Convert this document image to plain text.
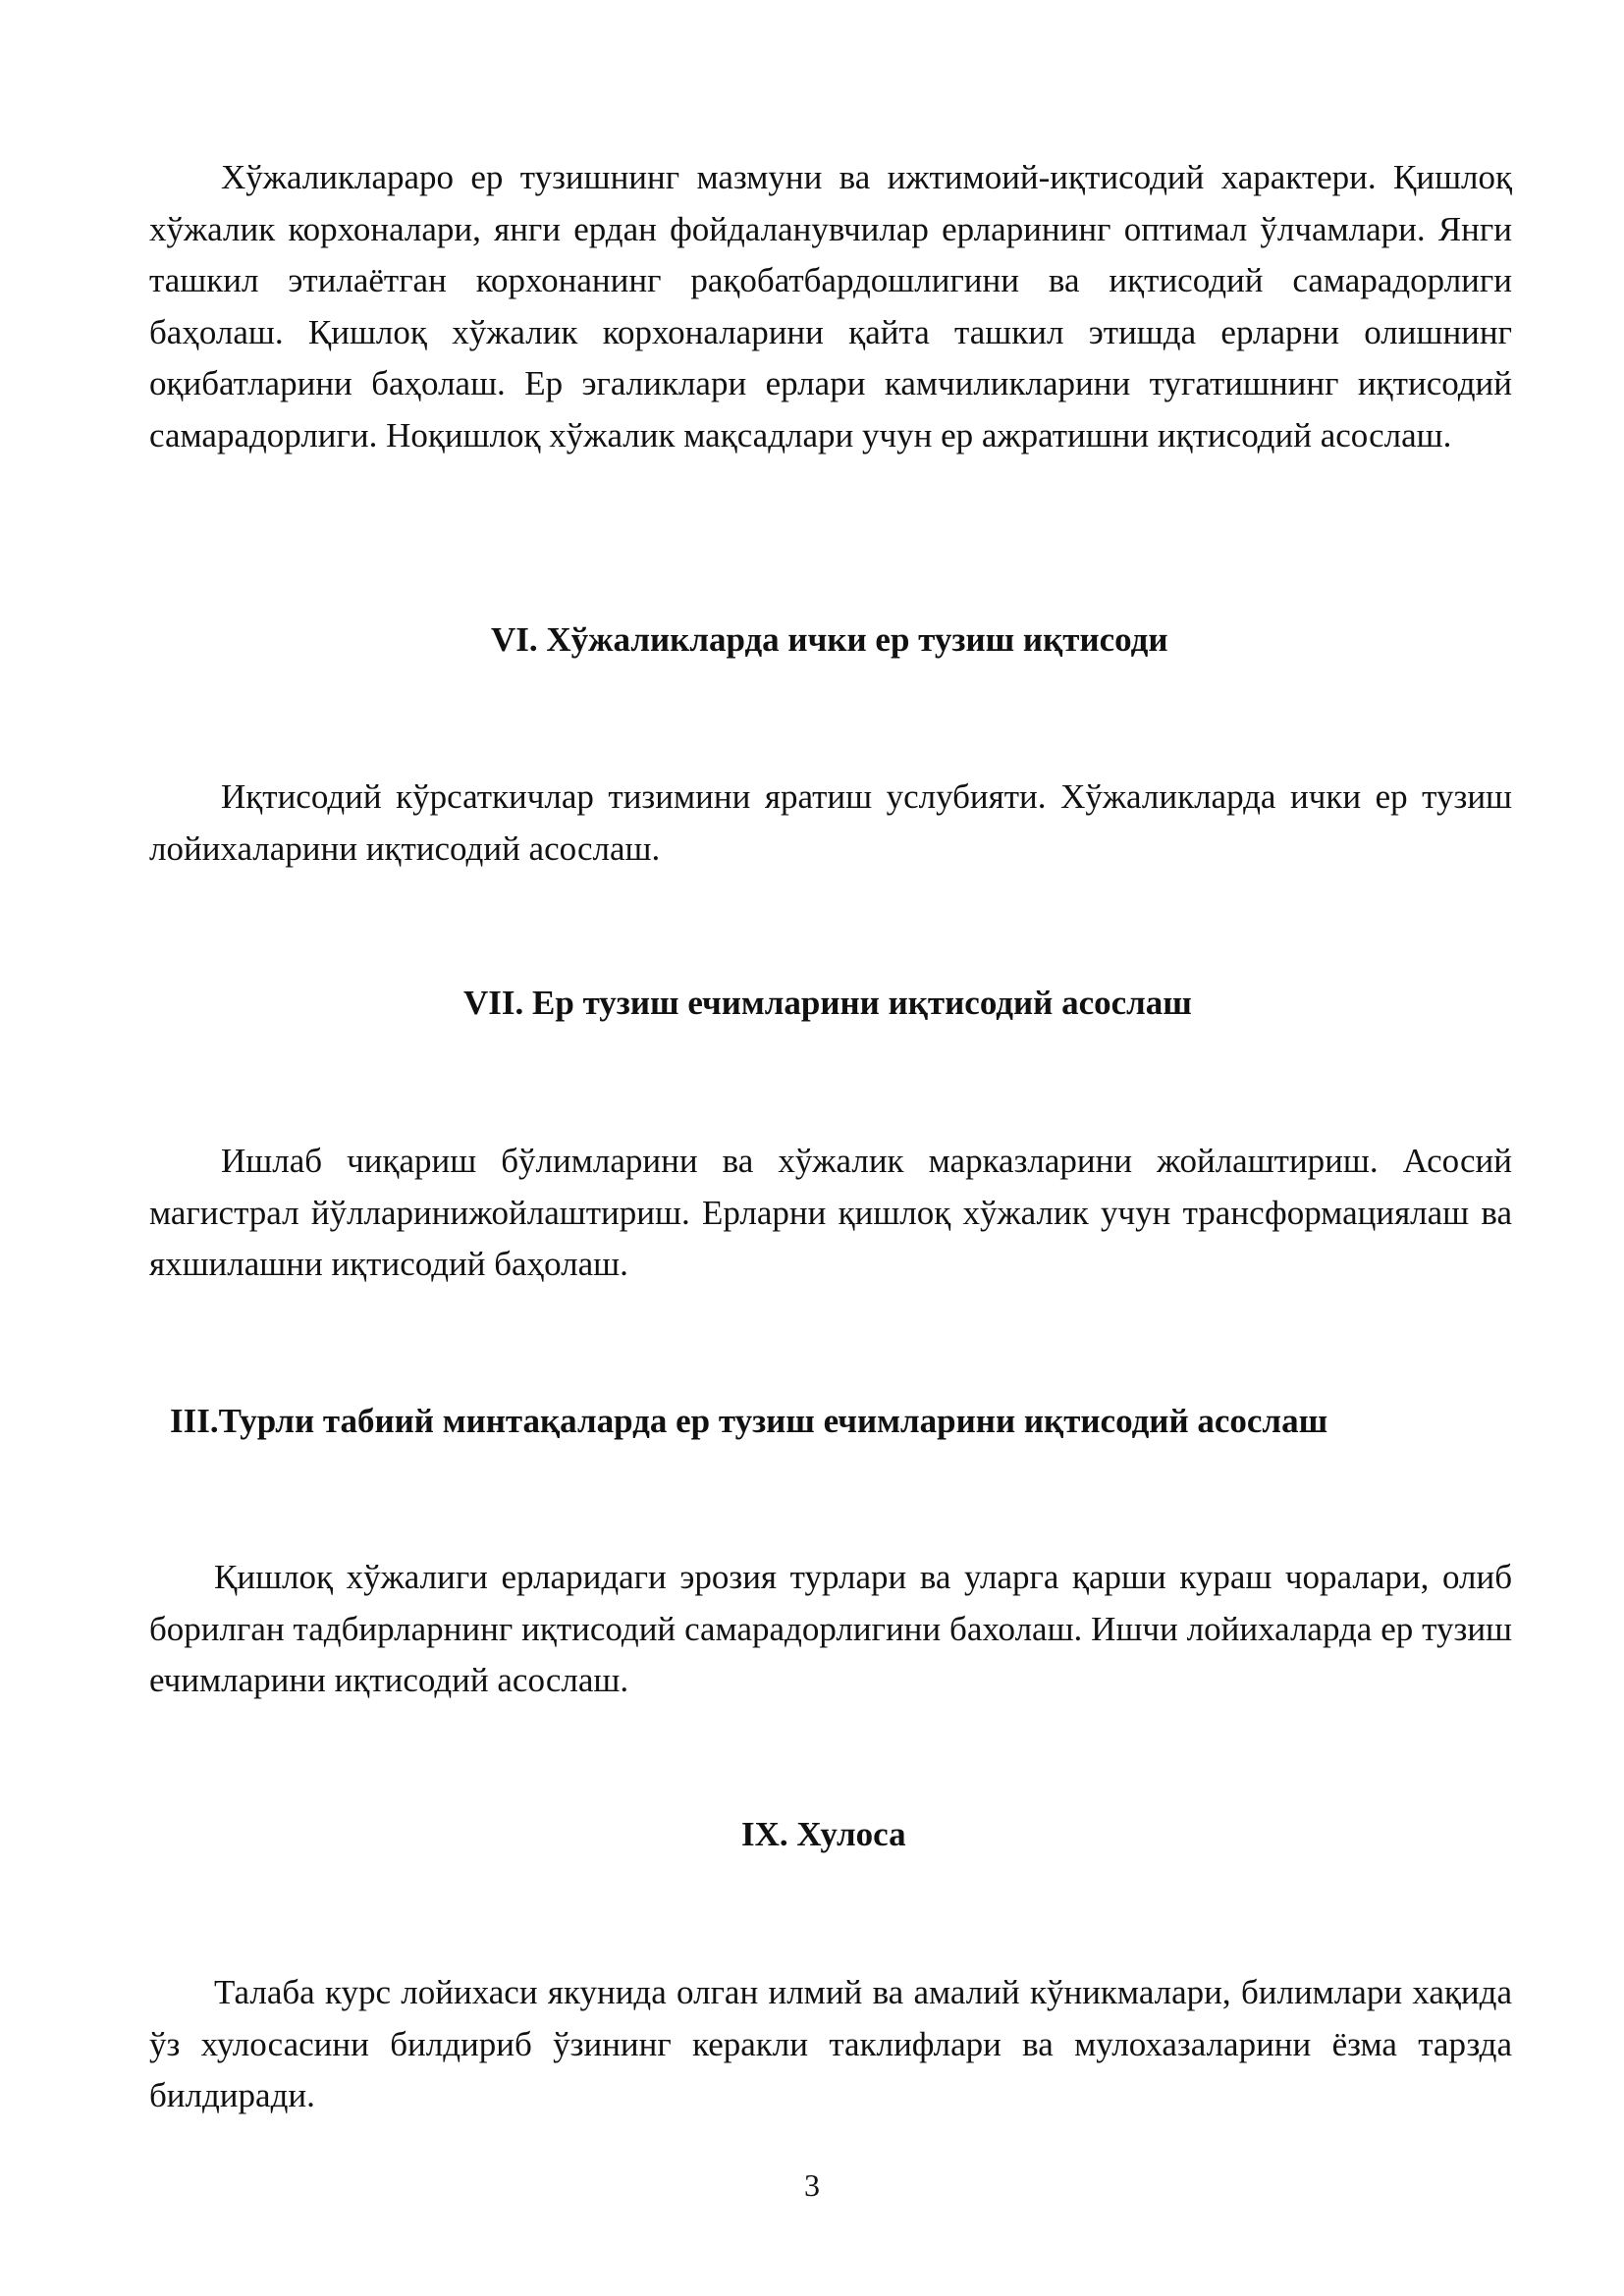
Хўжаликлараро ер тузишнинг мазмуни ва ижтимоий-иқтисодий характери. Қишлоқ хўжалик корхоналари, янги ердан фойдаланувчилар ерларининг оптимал ўлчамлари. Янги ташкил этилаётган корхонанинг рақобатбардошлигини ва иқтисодий самарадорлиги баҳолаш. Қишлоқ хўжалик корхоналарини қайта ташкил этишда ерларни олишнинг оқибатларини баҳолаш. Ер эгаликлари ерлари камчиликларини тугатишнинг иқтисодий самарадорлиги. Ноқишлоқ хўжалик мақсадлари учун ер ажратишни иқтисодий асослаш.

VI. Хўжаликларда ички ер тузиш иқтисоди

Иқтисодий кўрсаткичлар тизимини яратиш услубияти. Хўжаликларда ички ер тузиш лойихаларини иқтисодий асослаш.

VII. Ер тузиш ечимларини иқтисодий асослаш

Ишлаб чиқариш бўлимларини ва хўжалик марказларини жойлаштириш. Асосий магистрал йўлларинижойлаштириш. Ерларни қишлоқ хўжалик учун трансформациялаш ва яхшилашни иқтисодий баҳолаш.

III.Турли табиий минтақаларда ер тузиш ечимларини иқтисодий асослаш

Қишлоқ хўжалиги ерларидаги эрозия турлари ва уларга қарши кураш чоралари, олиб борилган тадбирларнинг иқтисодий самарадорлигини бахолаш. Ишчи лойихаларда ер тузиш ечимларини иқтисодий асослаш.

IX. Хулоса

Талаба курс лойихаси якунида олган илмий ва амалий кўникмалари, билимлари хақида ўз хулосасини билдириб ўзининг керакли таклифлари ва мулохазаларини ёзма тарзда билдиради.

3
